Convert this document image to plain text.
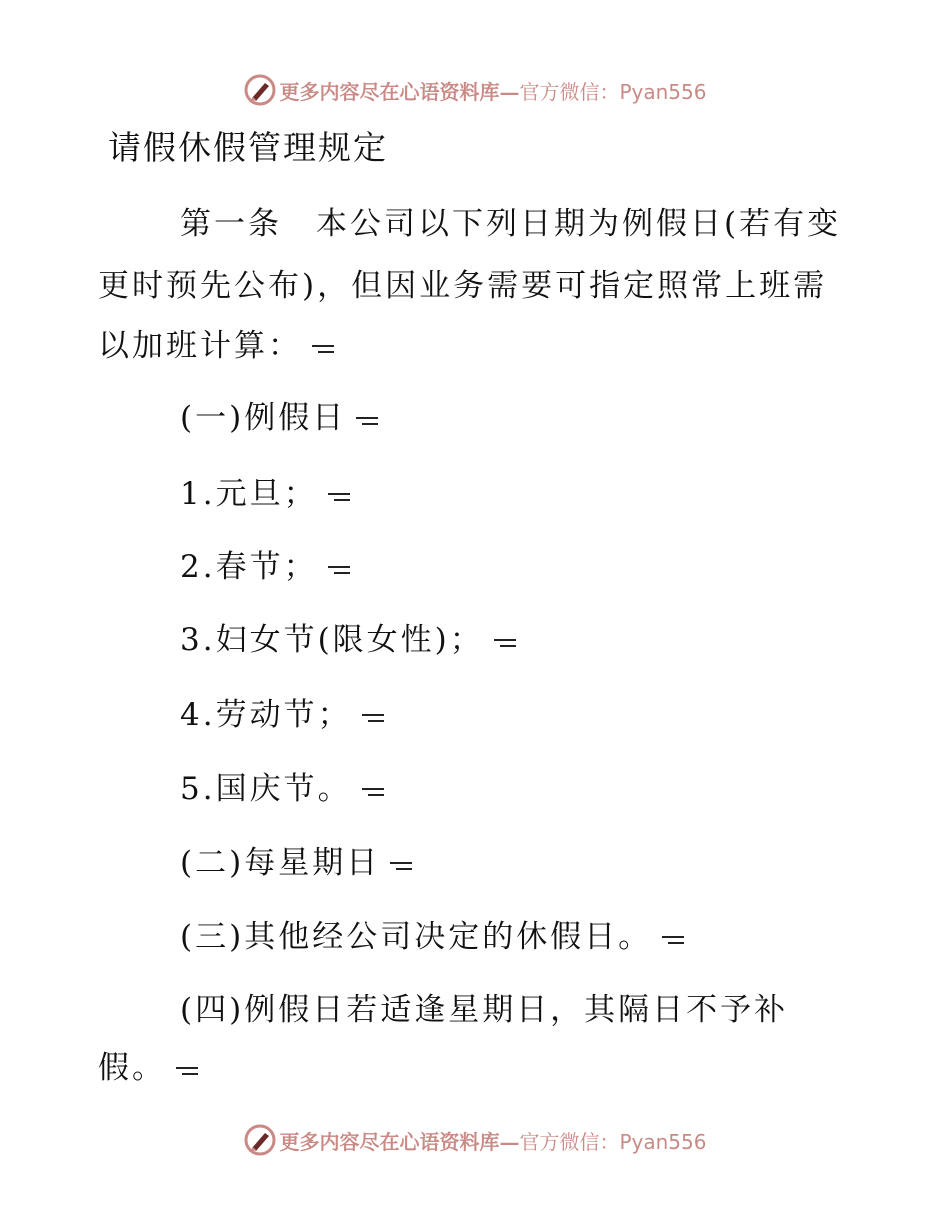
更多内容尽在心语资料库— 官方微信：Pyan556
请假休假管理规定
第一条　本公司以下列日期为例假日(若有变
更时预先公布)，但因业务需要可指定照常上班需
以加班计算：
(一)例假日
1.元旦；
2.春节；
3.妇女节(限女性)；
4.劳动节；
5.国庆节。
(二)每星期日
(三)其他经公司决定的休假日。
(四)例假日若适逢星期日，其隔日不予补
假。
更多内容尽在心语资料库— 官方微信：Pyan556
